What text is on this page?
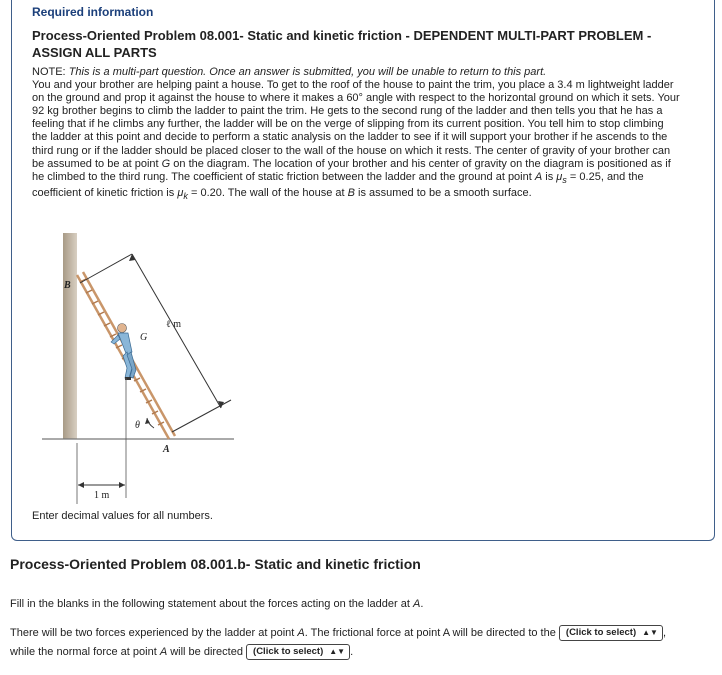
Required information
Process-Oriented Problem 08.001- Static and kinetic friction - DEPENDENT MULTI-PART PROBLEM - ASSIGN ALL PARTS
NOTE: This is a multi-part question. Once an answer is submitted, you will be unable to return to this part.
You and your brother are helping paint a house. To get to the roof of the house to paint the trim, you place a 3.4 m lightweight ladder on the ground and prop it against the house to where it makes a 60° angle with respect to the horizontal ground on which it sets. Your 92 kg brother begins to climb the ladder to paint the trim. He gets to the second rung of the ladder and then tells you that he has a feeling that if he climbs any further, the ladder will be on the verge of slipping from its current position. You tell him to stop climbing the ladder at this point and decide to perform a static analysis on the ladder to see if it will support your brother if he ascends to the third rung or if the ladder should be placed closer to the wall of the house on which it rests. The center of gravity of your brother can be assumed to be at point G on the diagram. The location of your brother and his center of gravity on the diagram is positioned as if he climbed to the third rung. The coefficient of static friction between the ladder and the ground at point A is $\mu_s = 0.25$, and the coefficient of kinetic friction is $\mu_k = 0.20$. The wall of the house at B is assumed to be a smooth surface.
B
G
ℓ m
θ
A
1 m
Enter decimal values for all numbers.
Process-Oriented Problem 08.001.b- Static and kinetic friction
Fill in the blanks in the following statement about the forces acting on the ladder at A.
There will be two forces experienced by the ladder at point A. The frictional force at point A will be directed to the (Click to select) ▲▼ ,
while the normal force at point A will be directed (Click to select) ▲▼ .
